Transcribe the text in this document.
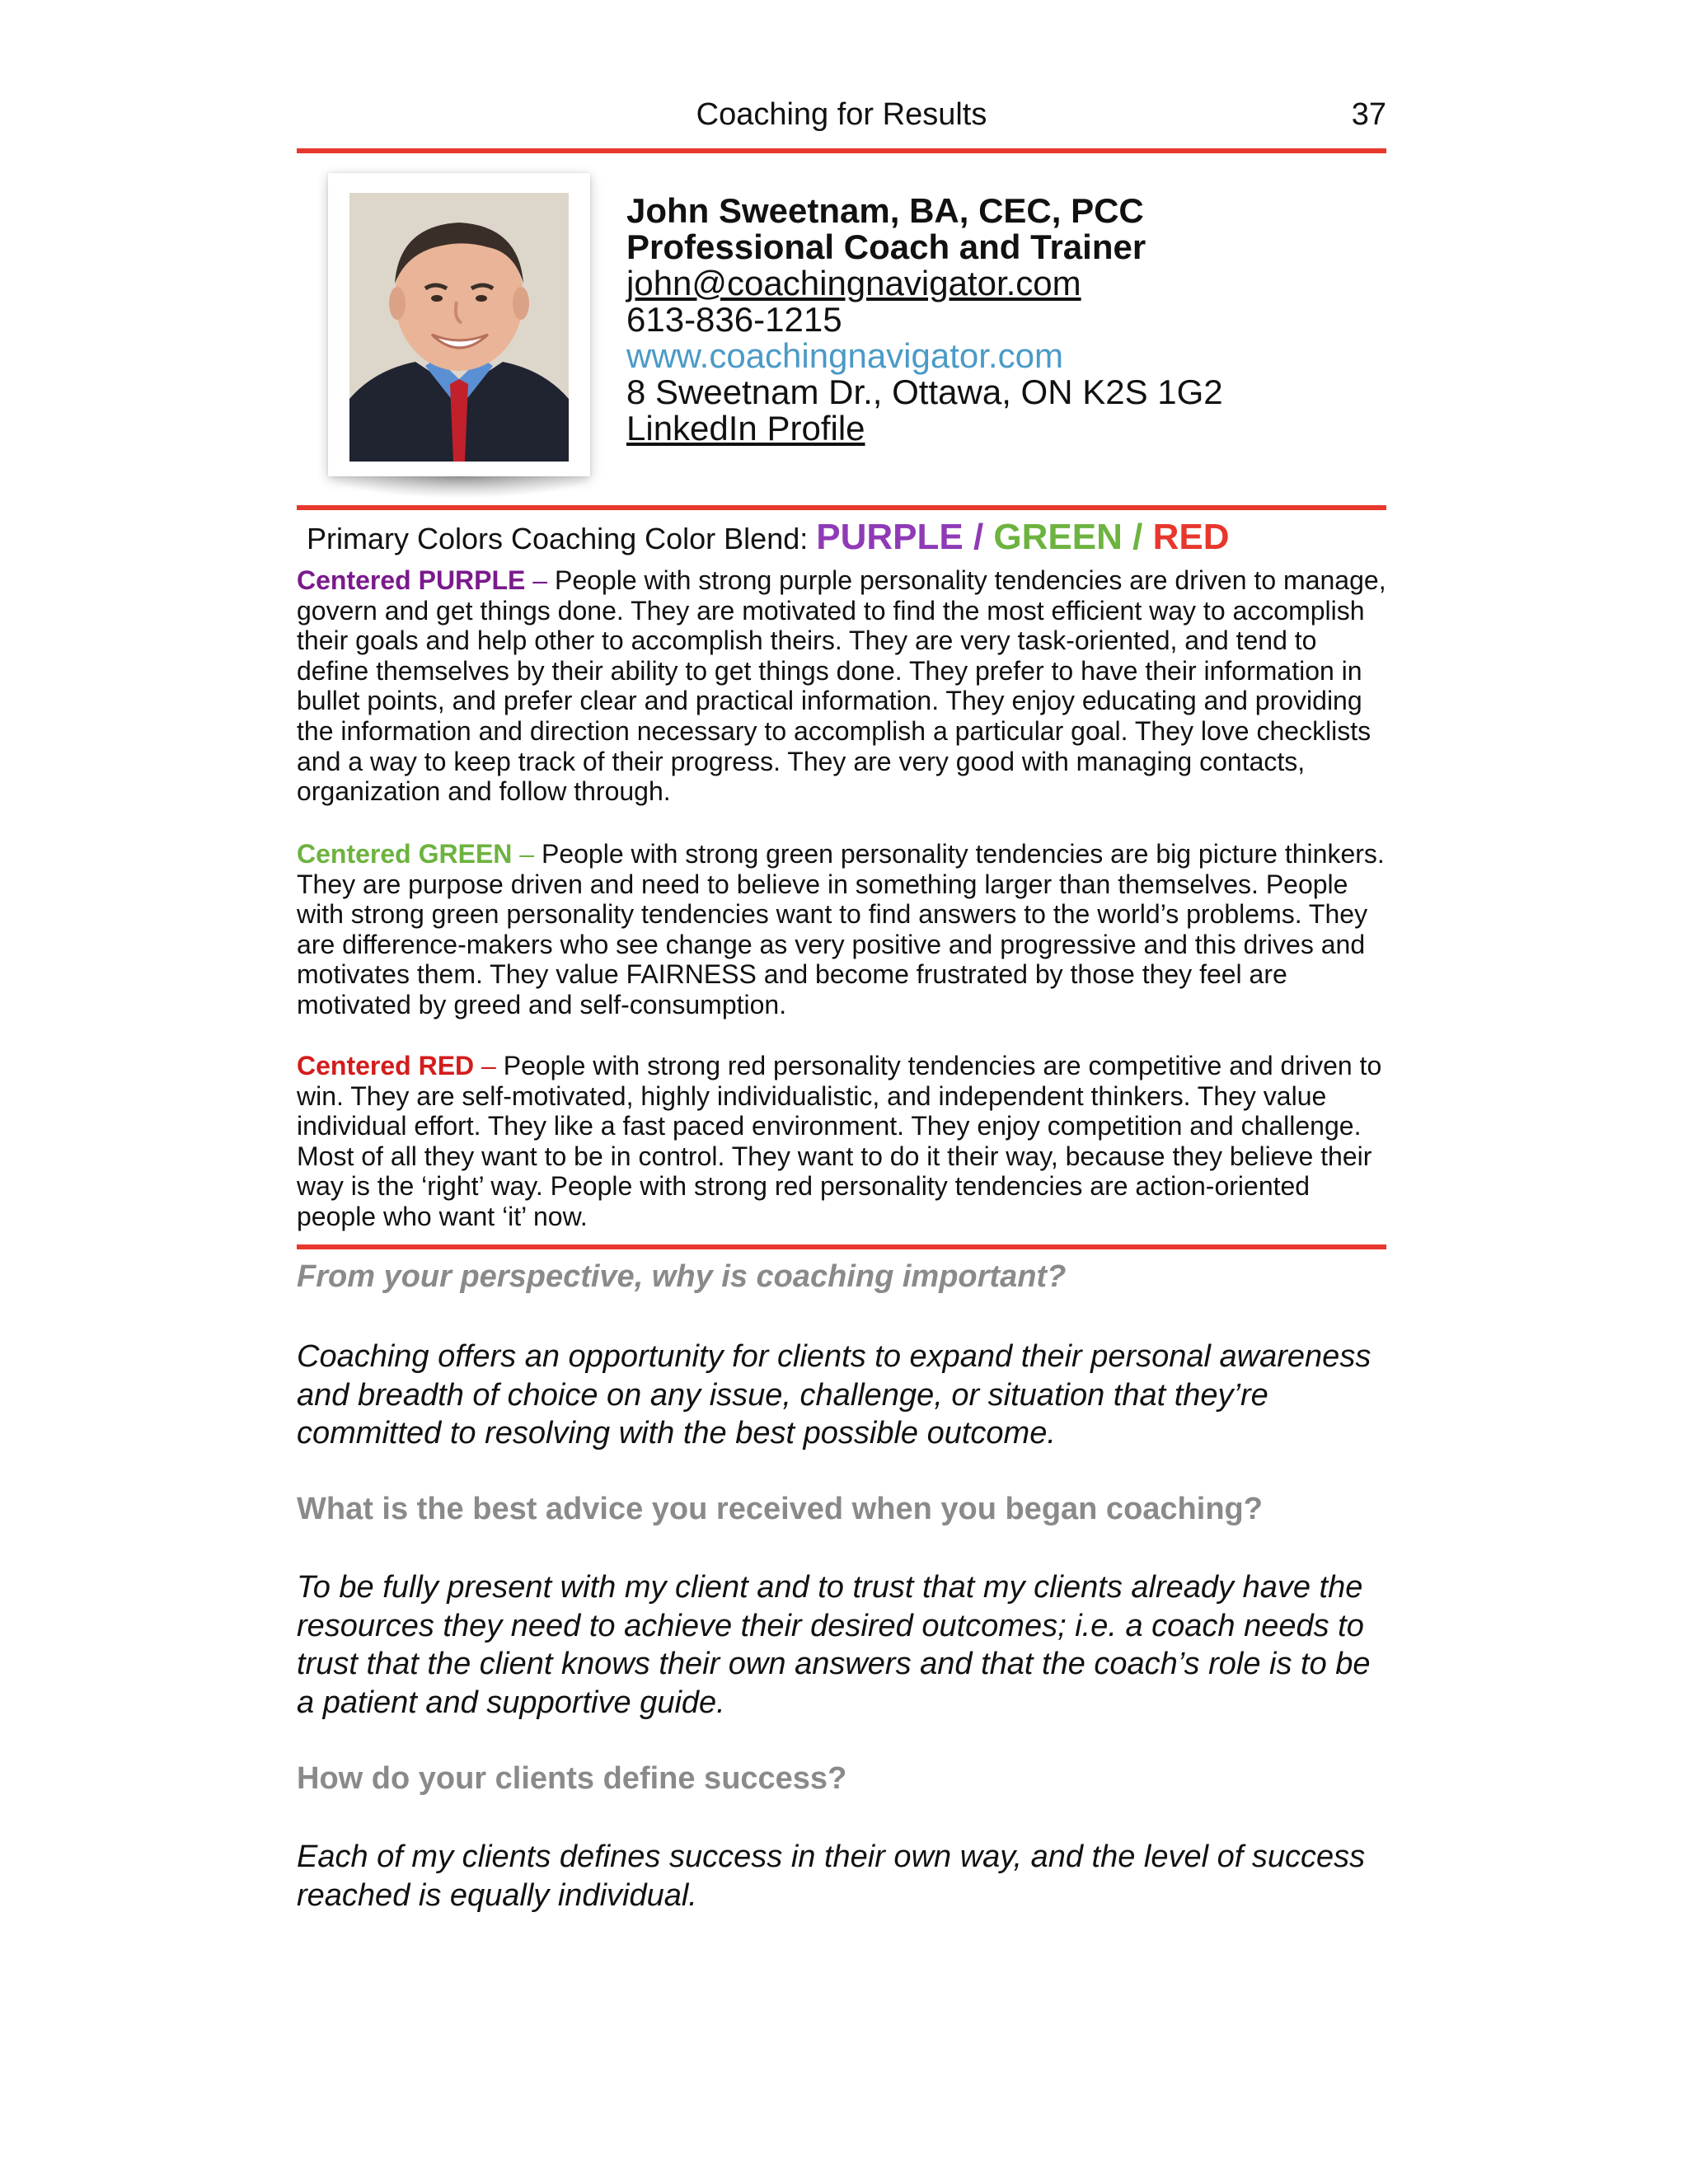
Coaching for Results	37
John Sweetnam, BA, CEC, PCC
Professional Coach and Trainer
john@coachingnavigator.com
613-836-1215
www.coachingnavigator.com
8 Sweetnam Dr., Ottawa, ON K2S 1G2
LinkedIn Profile
Primary Colors Coaching Color Blend: PURPLE / GREEN / RED
Centered PURPLE – People with strong purple personality tendencies are driven to manage, govern and get things done. They are motivated to find the most efficient way to accomplish their goals and help other to accomplish theirs. They are very task-oriented, and tend to define themselves by their ability to get things done. They prefer to have their information in bullet points, and prefer clear and practical information. They enjoy educating and providing the information and direction necessary to accomplish a particular goal. They love checklists and a way to keep track of their progress. They are very good with managing contacts, organization and follow through.
Centered GREEN – People with strong green personality tendencies are big picture thinkers. They are purpose driven and need to believe in something larger than themselves. People with strong green personality tendencies want to find answers to the world’s problems. They are difference-makers who see change as very positive and progressive and this drives and motivates them. They value FAIRNESS and become frustrated by those they feel are motivated by greed and self-consumption.
Centered RED – People with strong red personality tendencies are competitive and driven to win. They are self-motivated, highly individualistic, and independent thinkers. They value individual effort. They like a fast paced environment. They enjoy competition and challenge. Most of all they want to be in control. They want to do it their way, because they believe their way is the ‘right’ way. People with strong red personality tendencies are action-oriented people who want ‘it’ now.
From your perspective, why is coaching important?
Coaching offers an opportunity for clients to expand their personal awareness and breadth of choice on any issue, challenge, or situation that they’re committed to resolving with the best possible outcome.
What is the best advice you received when you began coaching?
To be fully present with my client and to trust that my clients already have the resources they need to achieve their desired outcomes; i.e. a coach needs to trust that the client knows their own answers and that the coach’s role is to be a patient and supportive guide.
How do your clients define success?
Each of my clients defines success in their own way, and the level of success reached is equally individual.
